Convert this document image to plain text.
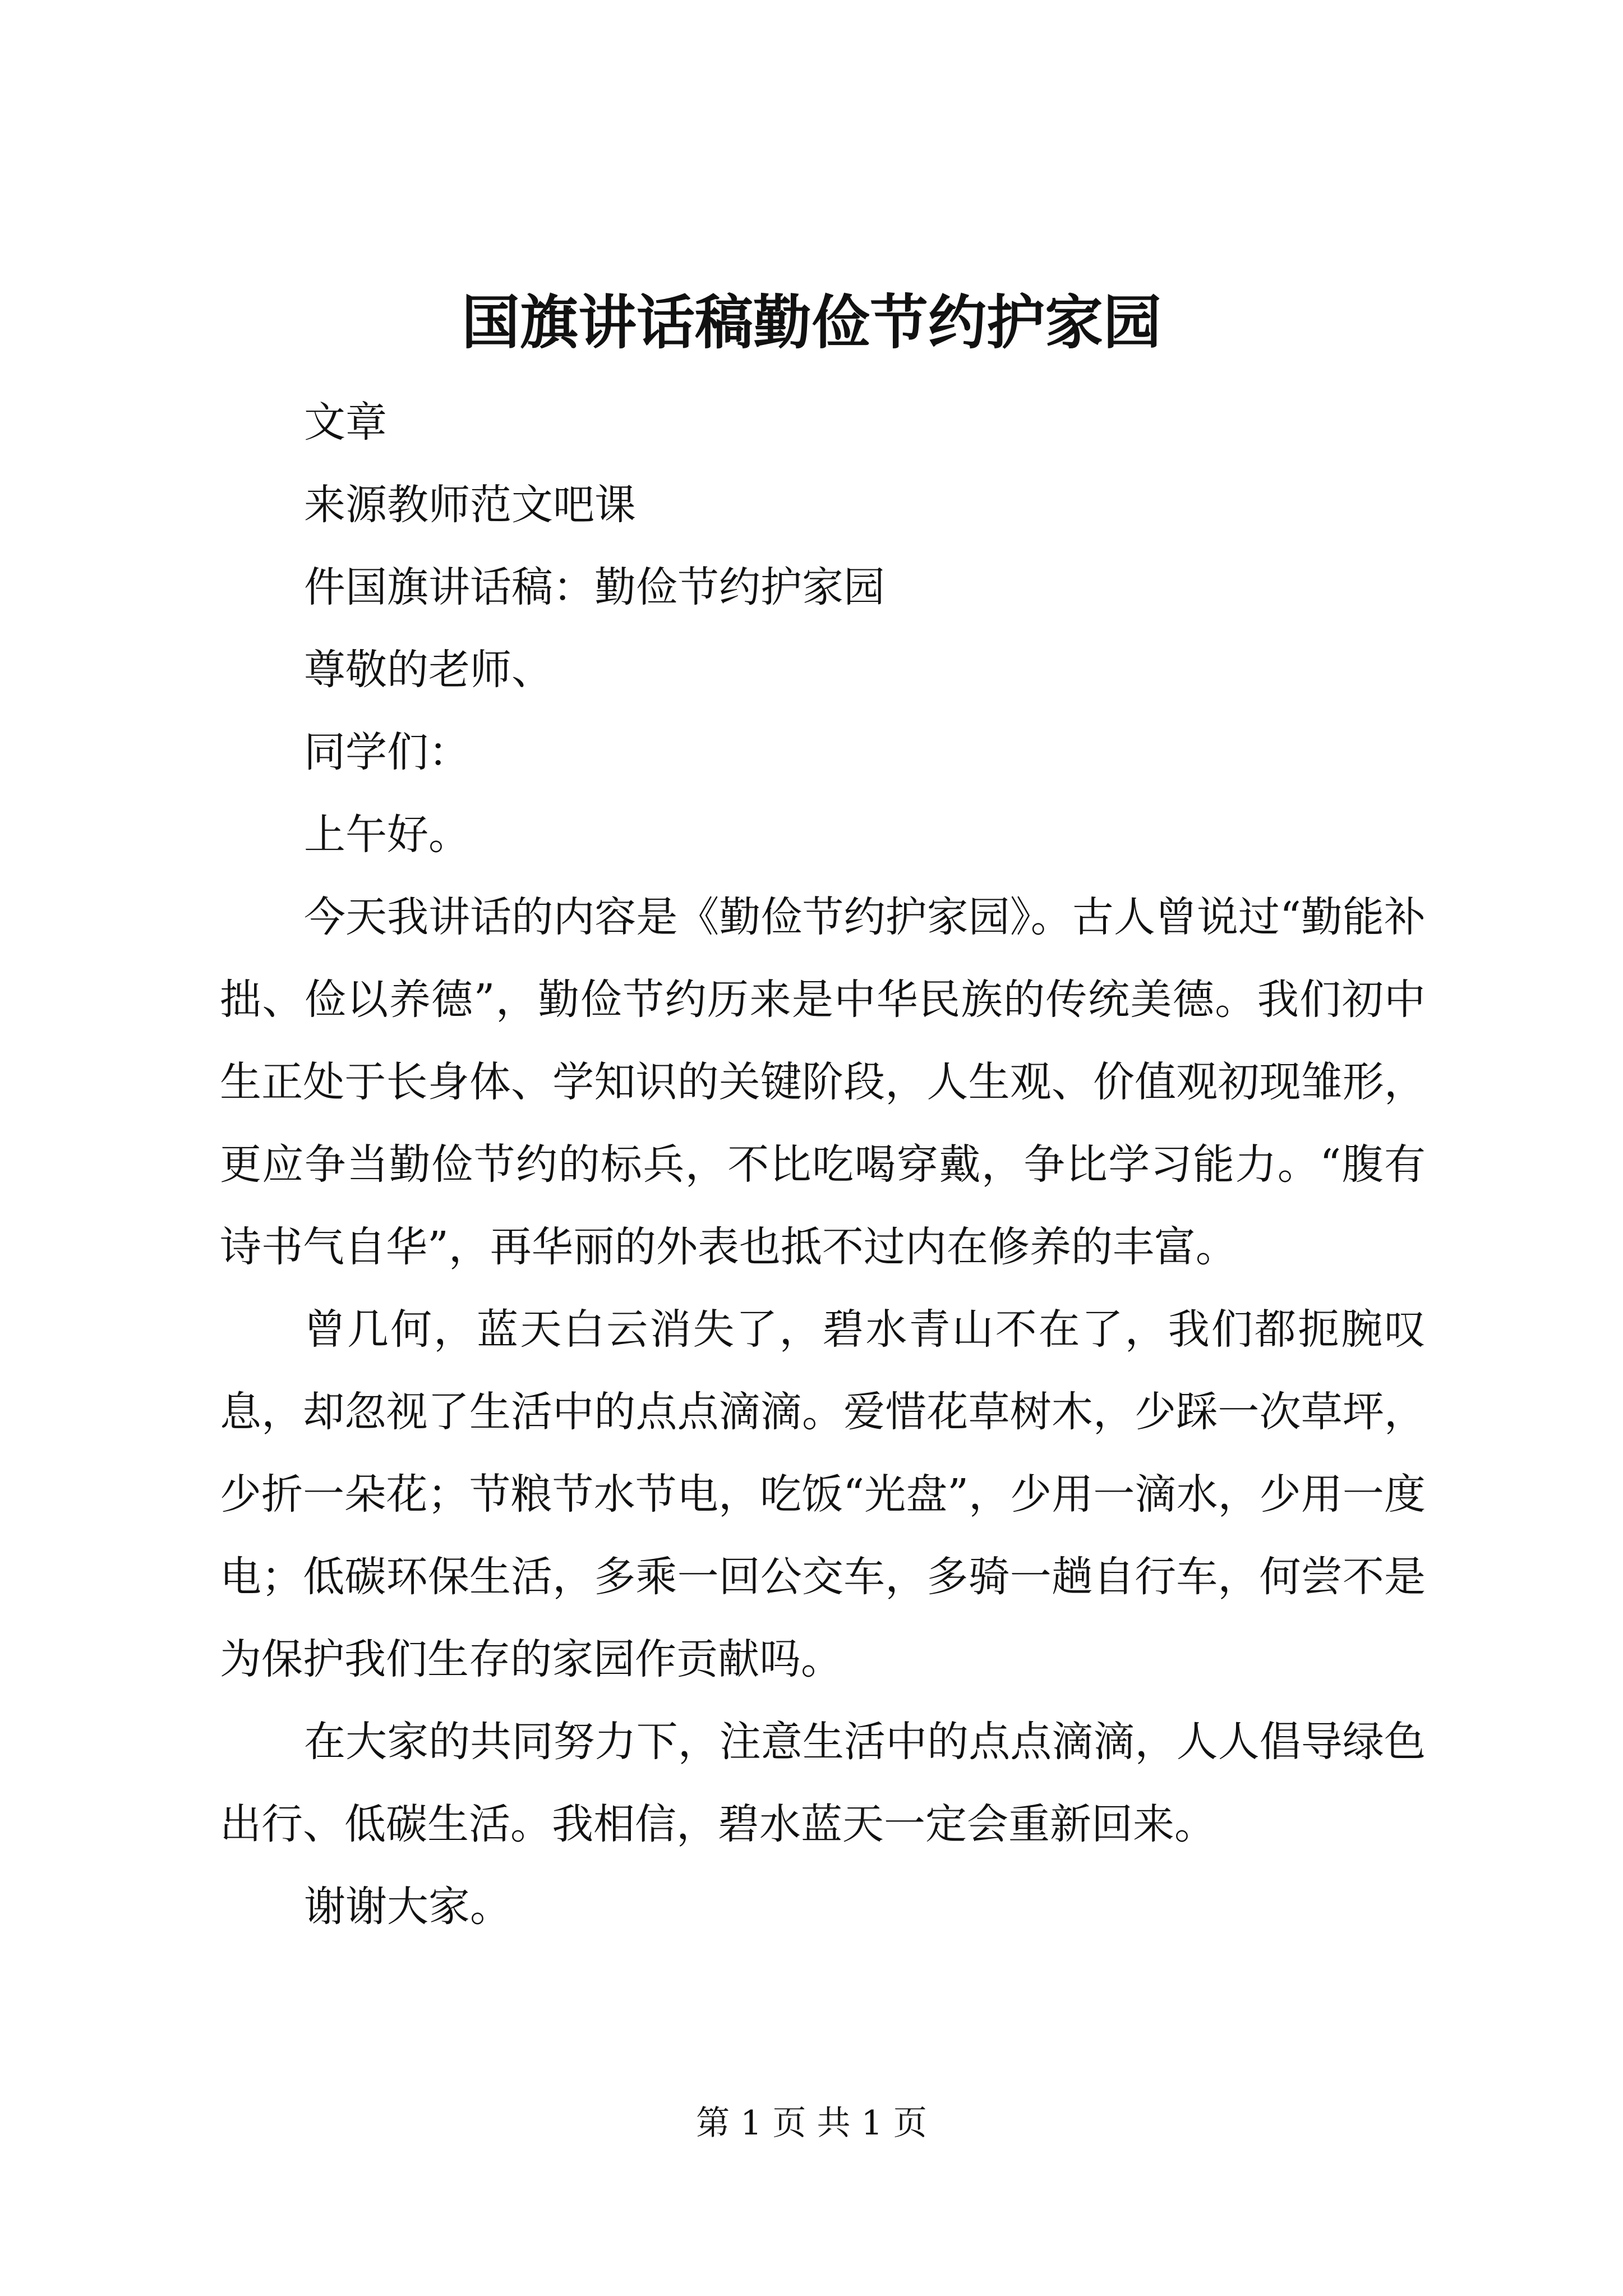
国旗讲话稿勤俭节约护家园

文章

来源教师范文吧课

件国旗讲话稿：勤俭节约护家园

尊敬的老师、

同学们：

上午好。

今天我讲话的内容是《勤俭节约护家园》。古人曾说过“勤能补拙、俭以养德”，勤俭节约历来是中华民族的传统美德。我们初中生正处于长身体、学知识的关键阶段，人生观、价值观初现雏形，更应争当勤俭节约的标兵，不比吃喝穿戴，争比学习能力。“腹有诗书气自华”，再华丽的外表也抵不过内在修养的丰富。

曾几何，蓝天白云消失了，碧水青山不在了，我们都扼腕叹息，却忽视了生活中的点点滴滴。爱惜花草树木，少踩一次草坪，少折一朵花；节粮节水节电，吃饭“光盘”，少用一滴水，少用一度电；低碳环保生活，多乘一回公交车，多骑一趟自行车，何尝不是为保护我们生存的家园作贡献吗。

在大家的共同努力下，注意生活中的点点滴滴，人人倡导绿色出行、低碳生活。我相信，碧水蓝天一定会重新回来。

谢谢大家。

第 1 页 共 1 页
